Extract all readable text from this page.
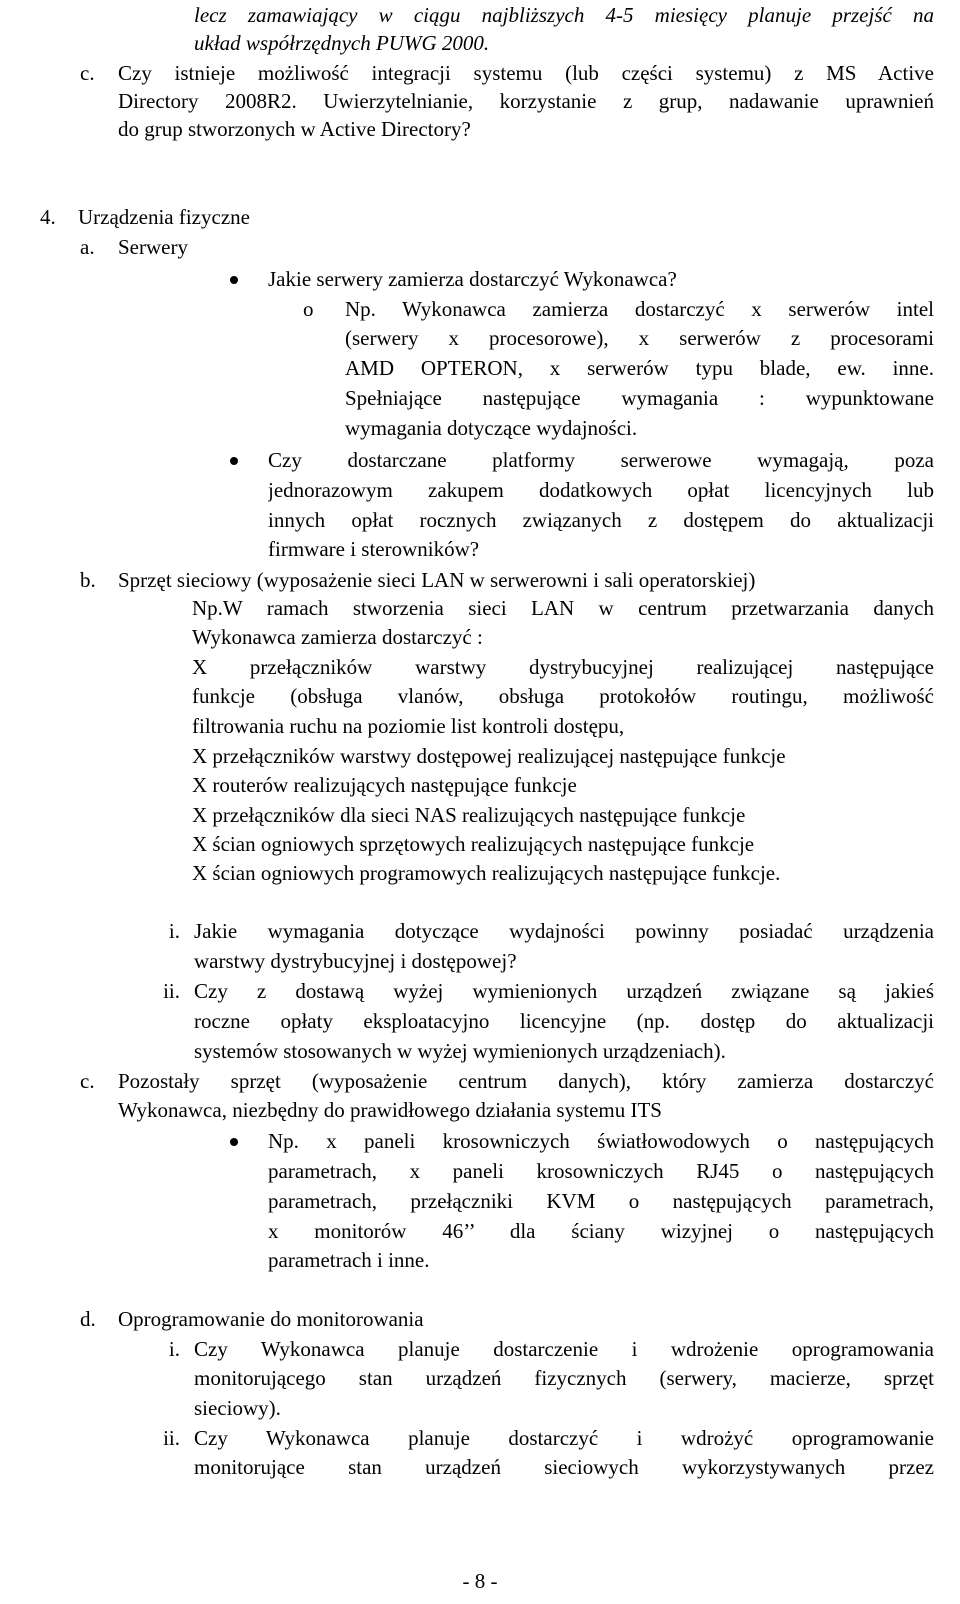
lecz zamawiający w ciągu najbliższych 4-5 miesięcy planuje przejść na
układ współrzędnych PUWG 2000.
c. Czy istnieje możliwość integracji systemu (lub części systemu) z MS Active
Directory 2008R2. Uwierzytelnianie, korzystanie z grup, nadawanie uprawnień
do grup stworzonych w Active Directory?
4. Urządzenia fizyczne
a. Serwery
Jakie serwery zamierza dostarczyć Wykonawca?
o Np. Wykonawca zamierza dostarczyć x serwerów intel
(serwery x procesorowe), x serwerów z procesorami
AMD OPTERON, x serwerów typu blade, ew. inne.
Spełniające następujące wymagania : wypunktowane
wymagania dotyczące wydajności.
Czy dostarczane platformy serwerowe wymagają, poza
jednorazowym zakupem dodatkowych opłat licencyjnych lub
innych opłat rocznych związanych z dostępem do aktualizacji
firmware i sterowników?
b. Sprzęt sieciowy (wyposażenie sieci LAN w serwerowni i sali operatorskiej)
Np.W ramach stworzenia sieci LAN w centrum przetwarzania danych
Wykonawca zamierza dostarczyć :
X przełączników warstwy dystrybucyjnej realizującej następujące
funkcje (obsługa vlanów, obsługa protokołów routingu, możliwość
filtrowania ruchu na poziomie list kontroli dostępu,
X przełączników warstwy dostępowej realizującej następujące funkcje
X routerów realizujących następujące funkcje
X przełączników dla sieci NAS realizujących następujące funkcje
X ścian ogniowych sprzętowych realizujących następujące funkcje
X ścian ogniowych programowych realizujących następujące funkcje.
i. Jakie wymagania dotyczące wydajności powinny posiadać urządzenia
warstwy dystrybucyjnej i dostępowej?
ii. Czy z dostawą wyżej wymienionych urządzeń związane są jakieś
roczne opłaty eksploatacyjno licencyjne (np. dostęp do aktualizacji
systemów stosowanych w wyżej wymienionych urządzeniach).
c. Pozostały sprzęt (wyposażenie centrum danych), który zamierza dostarczyć
Wykonawca, niezbędny do prawidłowego działania systemu ITS
Np. x paneli krosowniczych światłowodowych o następujących
parametrach, x paneli krosowniczych RJ45 o następujących
parametrach, przełączniki KVM o następujących parametrach,
x monitorów 46’’ dla ściany wizyjnej o następujących
parametrach i inne.
d. Oprogramowanie do monitorowania
i. Czy Wykonawca planuje dostarczenie i wdrożenie oprogramowania
monitorującego stan urządzeń fizycznych (serwery, macierze, sprzęt
sieciowy).
ii. Czy Wykonawca planuje dostarczyć i wdrożyć oprogramowanie
monitorujące stan urządzeń sieciowych wykorzystywanych przez
- 8 -
